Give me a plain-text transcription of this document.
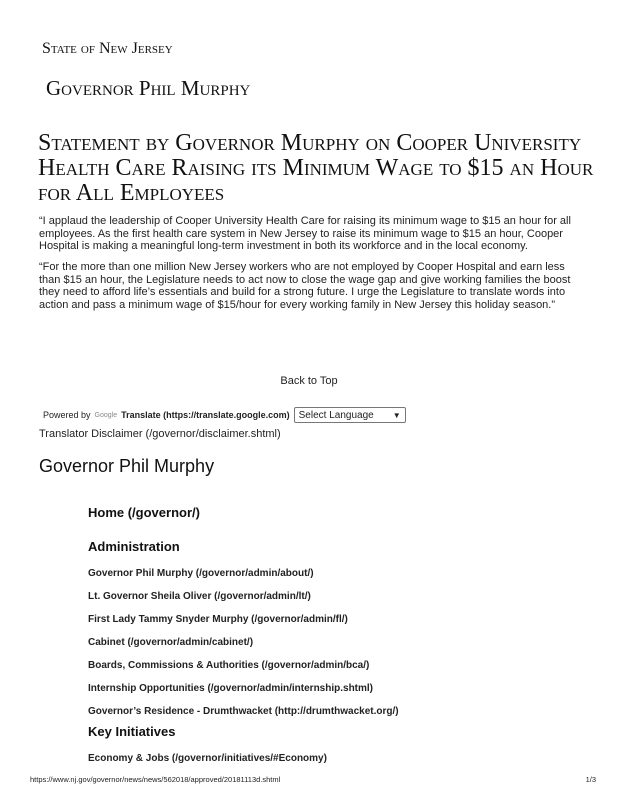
State of New Jersey
Governor Phil Murphy
Statement by Governor Murphy on Cooper University Health Care Raising its Minimum Wage to $15 an Hour for All Employees

“I applaud the leadership of Cooper University Health Care for raising its minimum wage to $15 an hour for all employees. As the first health care system in New Jersey to raise its minimum wage to $15 an hour, Cooper Hospital is making a meaningful long-term investment in both its workforce and in the local economy.

“For the more than one million New Jersey workers who are not employed by Cooper Hospital and earn less than $15 an hour, the Legislature needs to act now to close the wage gap and give working families the boost they need to afford life’s essentials and build for a strong future. I urge the Legislature to translate words into action and pass a minimum wage of $15/hour for every working family in New Jersey this holiday season.”

Back to Top
Powered by Google Translate (https://translate.google.com) Select Language ▼
Translator Disclaimer (/governor/disclaimer.shtml)
Governor Phil Murphy
Home (/governor/)
Administration
Governor Phil Murphy (/governor/admin/about/)
Lt. Governor Sheila Oliver (/governor/admin/lt/)
First Lady Tammy Snyder Murphy (/governor/admin/fl/)
Cabinet (/governor/admin/cabinet/)
Boards, Commissions & Authorities (/governor/admin/bca/)
Internship Opportunities (/governor/admin/internship.shtml)
Governor’s Residence - Drumthwacket (http://drumthwacket.org/)
Key Initiatives
Economy & Jobs (/governor/initiatives/#Economy)
https://www.nj.gov/governor/news/news/562018/approved/20181113d.shtml	1/3
